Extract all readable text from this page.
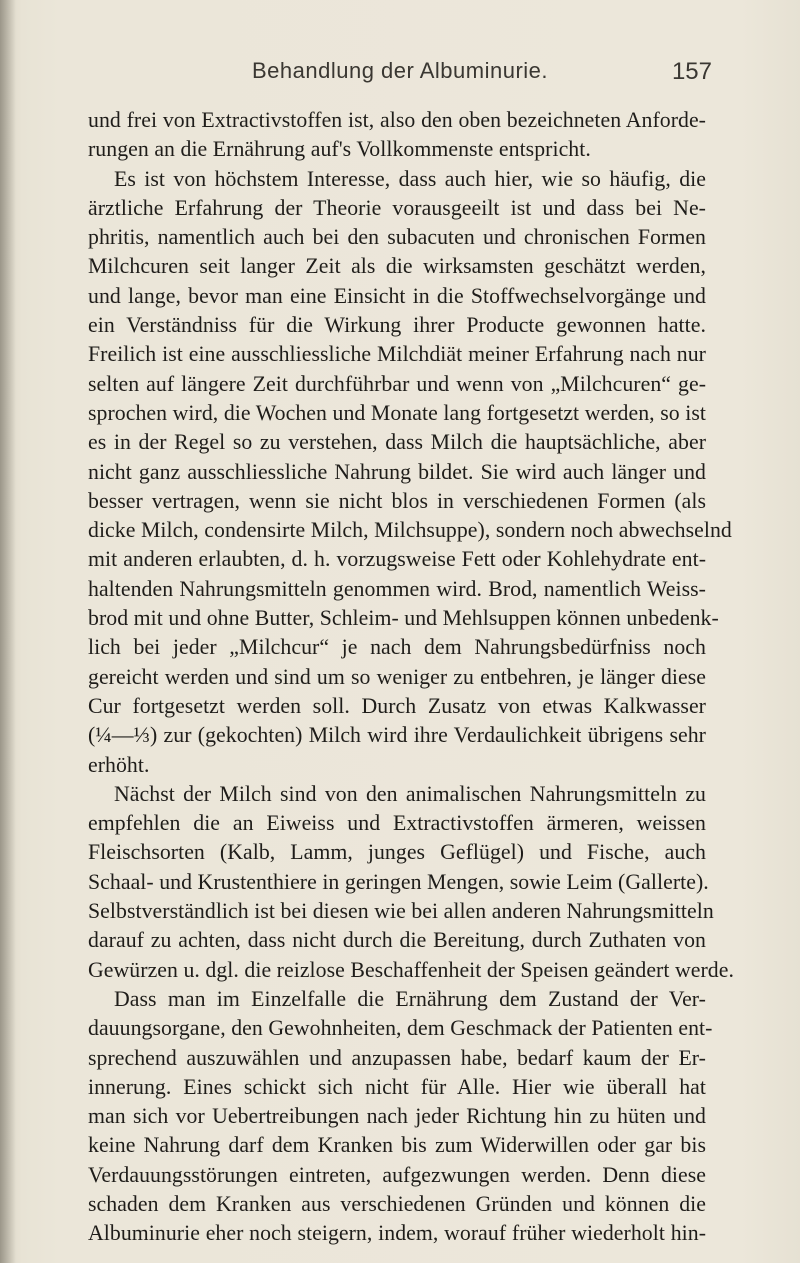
Behandlung der Albuminurie.	157
und frei von Extractivstoffen ist, also den oben bezeichneten Anforde-
rungen an die Ernährung auf's Vollkommenste entspricht.
Es ist von höchstem Interesse, dass auch hier, wie so häufig, die
ärztliche Erfahrung der Theorie vorausgeeilt ist und dass bei Ne-
phritis, namentlich auch bei den subacuten und chronischen Formen
Milchcuren seit langer Zeit als die wirksamsten geschätzt werden,
und lange, bevor man eine Einsicht in die Stoffwechselvorgänge und
ein Verständniss für die Wirkung ihrer Producte gewonnen hatte.
Freilich ist eine ausschliessliche Milchdiät meiner Erfahrung nach nur
selten auf längere Zeit durchführbar und wenn von „Milchcuren“ ge-
sprochen wird, die Wochen und Monate lang fortgesetzt werden, so ist
es in der Regel so zu verstehen, dass Milch die hauptsächliche, aber
nicht ganz ausschliessliche Nahrung bildet. Sie wird auch länger und
besser vertragen, wenn sie nicht blos in verschiedenen Formen (als
dicke Milch, condensirte Milch, Milchsuppe), sondern noch abwechselnd
mit anderen erlaubten, d. h. vorzugsweise Fett oder Kohlehydrate ent-
haltenden Nahrungsmitteln genommen wird. Brod, namentlich Weiss-
brod mit und ohne Butter, Schleim- und Mehlsuppen können unbedenk-
lich bei jeder „Milchcur“ je nach dem Nahrungsbedürfniss noch
gereicht werden und sind um so weniger zu entbehren, je länger diese
Cur fortgesetzt werden soll. Durch Zusatz von etwas Kalkwasser
(¼—⅓) zur (gekochten) Milch wird ihre Verdaulichkeit übrigens sehr
erhöht.
Nächst der Milch sind von den animalischen Nahrungsmitteln zu
empfehlen die an Eiweiss und Extractivstoffen ärmeren, weissen
Fleischsorten (Kalb, Lamm, junges Geflügel) und Fische, auch
Schaal- und Krustenthiere in geringen Mengen, sowie Leim (Gallerte).
Selbstverständlich ist bei diesen wie bei allen anderen Nahrungsmitteln
darauf zu achten, dass nicht durch die Bereitung, durch Zuthaten von
Gewürzen u. dgl. die reizlose Beschaffenheit der Speisen geändert werde.
Dass man im Einzelfalle die Ernährung dem Zustand der Ver-
dauungsorgane, den Gewohnheiten, dem Geschmack der Patienten ent-
sprechend auszuwählen und anzupassen habe, bedarf kaum der Er-
innerung. Eines schickt sich nicht für Alle. Hier wie überall hat
man sich vor Uebertreibungen nach jeder Richtung hin zu hüten und
keine Nahrung darf dem Kranken bis zum Widerwillen oder gar bis
Verdauungsstörungen eintreten, aufgezwungen werden. Denn diese
schaden dem Kranken aus verschiedenen Gründen und können die
Albuminurie eher noch steigern, indem, worauf früher wiederholt hin-
